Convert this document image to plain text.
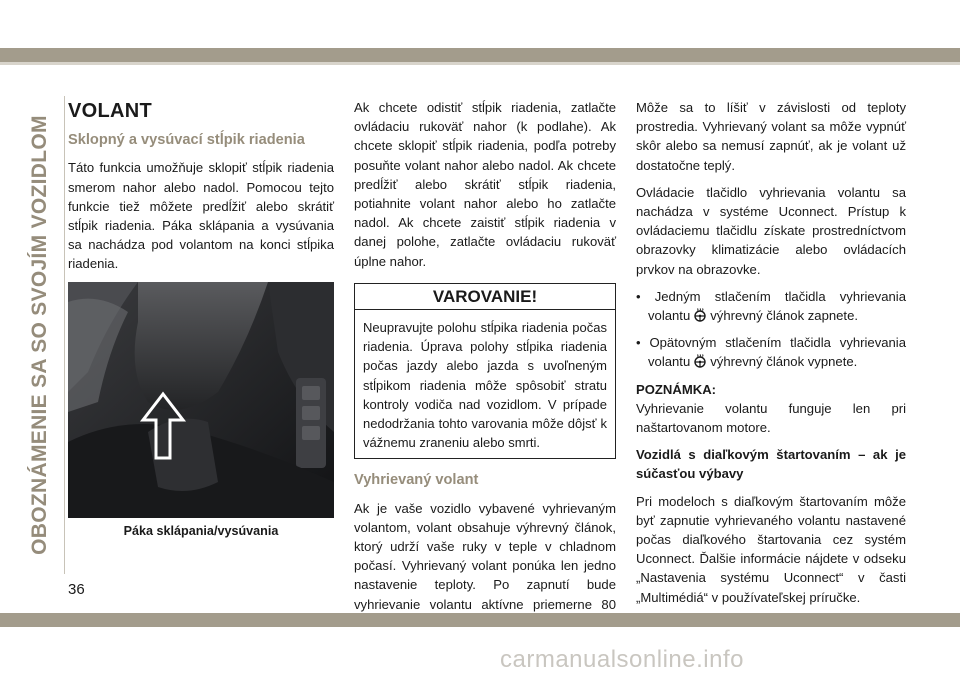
OBOZNÁMENIE SA SO SVOJÍM VOZIDLOM
VOLANT
Sklopný a vysúvací stĺpik riadenia

Táto funkcia umožňuje sklopiť stĺpik riadenia smerom nahor alebo nadol. Pomocou tejto funkcie tiež môžete predĺžiť alebo skrátiť stĺpik riadenia. Páka sklápania a vysúvania sa nachádza pod volantom na konci stĺpika riadenia.

Páka sklápania/vysúvania

Ak chcete odistiť stĺpik riadenia, zatlačte ovládaciu rukoväť nahor (k podlahe). Ak chcete sklopiť stĺpik riadenia, podľa potreby posuňte volant nahor alebo nadol. Ak chcete predĺžiť alebo skrátiť stĺpik riadenia, potiahnite volant nahor alebo ho zatlačte nadol. Ak chcete zaistiť stĺpik riadenia v danej polohe, zatlačte ovládaciu rukoväť úplne nahor.

VAROVANIE!
Neupravujte polohu stĺpika riadenia počas riadenia. Úprava polohy stĺpika riadenia počas jazdy alebo jazda s uvoľneným stĺpikom riadenia môže spôsobiť stratu kontroly vodiča nad vozidlom. V prípade nedodržania tohto varovania môže dôjsť k vážnemu zraneniu alebo smrti.
Vyhrievaný volant

Ak je vaše vozidlo vybavené vyhrievaným volantom, volant obsahuje výhrevný článok, ktorý udrží vaše ruky v teple v chladnom počasí. Vyhrievaný volant ponúka len jedno nastavenie teploty. Po zapnutí bude vyhrievanie volantu aktívne priemerne 80

Môže sa to líšiť v závislosti od teploty prostredia. Vyhrievaný volant sa môže vypnúť skôr alebo sa nemusí zapnúť, ak je volant už dostatočne teplý.

Ovládacie tlačidlo vyhrievania volantu sa nachádza v systéme Uconnect. Prístup k ovládaciemu tlačidlu získate prostredníctvom obrazovky klimatizácie alebo ovládacích prvkov na obrazovke.

• Jedným stlačením tlačidla vyhrievania volantu výhrevný článok zapnete.
• Opätovným stlačením tlačidla vyhrievania volantu výhrevný článok vypnete.

POZNÁMKA:

Vyhrievanie volantu funguje len pri naštartovanom motore.

Vozidlá s diaľkovým štartovaním – ak je súčasťou výbavy

Pri modeloch s diaľkovým štartovaním môže byť zapnutie vyhrievaného volantu nastavené počas diaľkového štartovania cez systém Uconnect. Ďalšie informácie nájdete v odseku „Nastavenia systému Uconnect“ v časti „Multimédiá“ v používateľskej príručke.

36
carmanualsonline.info
